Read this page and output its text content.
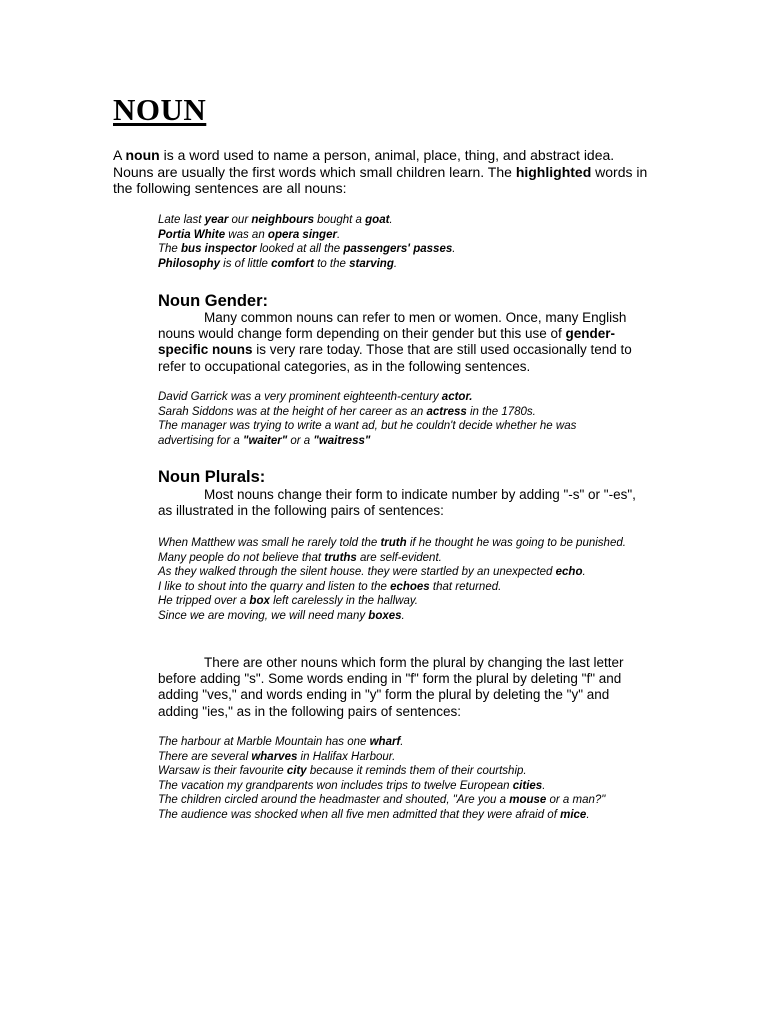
NOUN

A noun is a word used to name a person, animal, place, thing, and abstract idea. Nouns are usually the first words which small children learn. The highlighted words in the following sentences are all nouns:

Late last year our neighbours bought a goat.
Portia White was an opera singer.
The bus inspector looked at all the passengers' passes.
Philosophy is of little comfort to the starving.
Noun Gender:

Many common nouns can refer to men or women. Once, many English nouns would change form depending on their gender but this use of gender-specific nouns is very rare today. Those that are still used occasionally tend to refer to occupational categories, as in the following sentences.

David Garrick was a very prominent eighteenth-century actor.
Sarah Siddons was at the height of her career as an actress in the 1780s.
The manager was trying to write a want ad, but he couldn't decide whether he was advertising for a "waiter" or a "waitress"
Noun Plurals:

Most nouns change their form to indicate number by adding "-s" or "-es", as illustrated in the following pairs of sentences:

When Matthew was small he rarely told the truth if he thought he was going to be punished.
Many people do not believe that truths are self-evident.
As they walked through the silent house. they were startled by an unexpected echo.
I like to shout into the quarry and listen to the echoes that returned.
He tripped over a box left carelessly in the hallway.
Since we are moving, we will need many boxes.

There are other nouns which form the plural by changing the last letter before adding "s". Some words ending in "f" form the plural by deleting "f" and adding "ves," and words ending in "y" form the plural by deleting the "y" and adding "ies," as in the following pairs of sentences:

The harbour at Marble Mountain has one wharf.
There are several wharves in Halifax Harbour.
Warsaw is their favourite city because it reminds them of their courtship.
The vacation my grandparents won includes trips to twelve European cities.
The children circled around the headmaster and shouted, "Are you a mouse or a man?"
The audience was shocked when all five men admitted that they were afraid of mice.
